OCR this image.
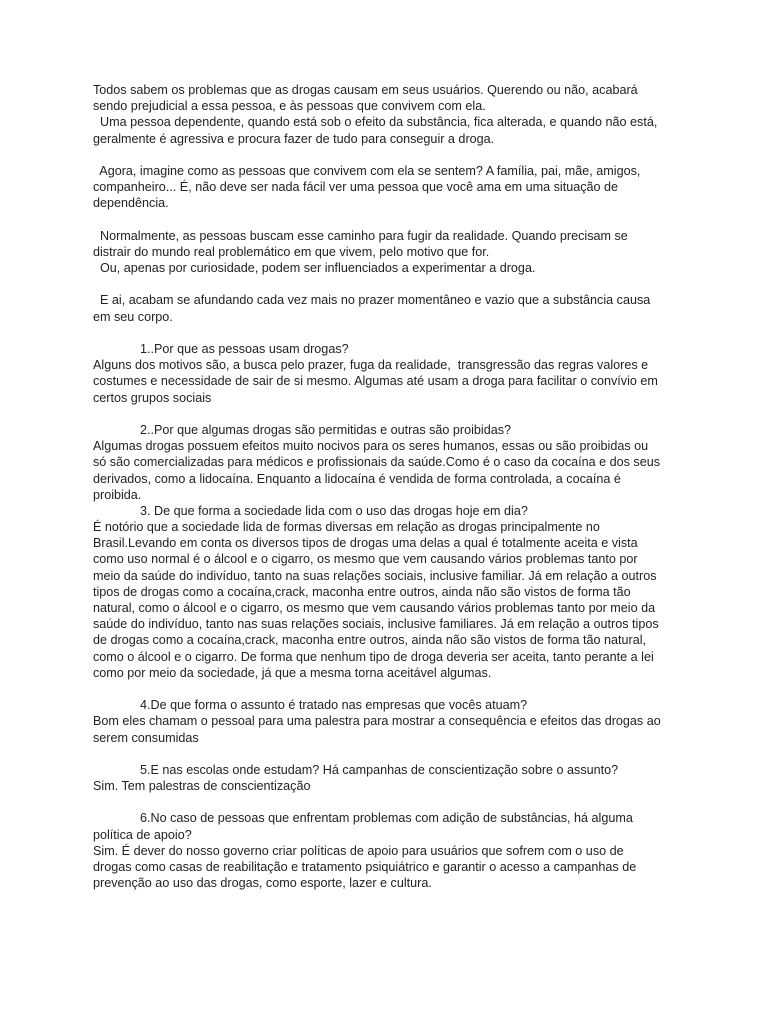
Todos sabem os problemas que as drogas causam em seus usuários. Querendo ou não, acabará
sendo prejudicial a essa pessoa, e às pessoas que convivem com ela.
Uma pessoa dependente, quando está sob o efeito da substância, fica alterada, e quando não está,
geralmente é agressiva e procura fazer de tudo para conseguir a droga.
Agora, imagine como as pessoas que convivem com ela se sentem? A família, pai, mãe, amigos,
companheiro... É, não deve ser nada fácil ver uma pessoa que você ama em uma situação de
dependência.
Normalmente, as pessoas buscam esse caminho para fugir da realidade. Quando precisam se
distrair do mundo real problemático em que vivem, pelo motivo que for.
Ou, apenas por curiosidade, podem ser influenciados a experimentar a droga.
E ai, acabam se afundando cada vez mais no prazer momentâneo e vazio que a substância causa
em seu corpo.
1..Por que as pessoas usam drogas?
Alguns dos motivos são, a busca pelo prazer, fuga da realidade,  transgressão das regras valores e
costumes e necessidade de sair de si mesmo. Algumas até usam a droga para facilitar o convívio em
certos grupos sociais
2..Por que algumas drogas são permitidas e outras são proibidas?
Algumas drogas possuem efeitos muito nocivos para os seres humanos, essas ou são proibidas ou
só são comercializadas para médicos e profissionais da saúde.Como é o caso da cocaína e dos seus
derivados, como a lidocaína. Enquanto a lidocaína é vendida de forma controlada, a cocaína é
proibida.
3. De que forma a sociedade lida com o uso das drogas hoje em dia?
É notório que a sociedade lida de formas diversas em relação as drogas principalmente no
Brasil.Levando em conta os diversos tipos de drogas uma delas a qual é totalmente aceita e vista
como uso normal é o álcool e o cigarro, os mesmo que vem causando vários problemas tanto por
meio da saúde do indivíduo, tanto na suas relações sociais, inclusive familiar. Já em relação a outros
tipos de drogas como a cocaína,crack, maconha entre outros, ainda não são vistos de forma tão
natural, como o álcool e o cigarro, os mesmo que vem causando vários problemas tanto por meio da
saúde do indivíduo, tanto nas suas relações sociais, inclusive familiares. Já em relação a outros tipos
de drogas como a cocaína,crack, maconha entre outros, ainda não são vistos de forma tão natural,
como o álcool e o cigarro. De forma que nenhum tipo de droga deveria ser aceita, tanto perante a lei
como por meio da sociedade, já que a mesma torna aceitável algumas.
4.De que forma o assunto é tratado nas empresas que vocês atuam?
Bom eles chamam o pessoal para uma palestra para mostrar a consequência e efeitos das drogas ao
serem consumidas
5.E nas escolas onde estudam? Há campanhas de conscientização sobre o assunto?
Sim. Tem palestras de conscientização
6.No caso de pessoas que enfrentam problemas com adição de substâncias, há alguma
política de apoio?
Sim. É dever do nosso governo criar políticas de apoio para usuários que sofrem com o uso de
drogas como casas de reabilitação e tratamento psiquiátrico e garantir o acesso a campanhas de
prevenção ao uso das drogas, como esporte, lazer e cultura.
